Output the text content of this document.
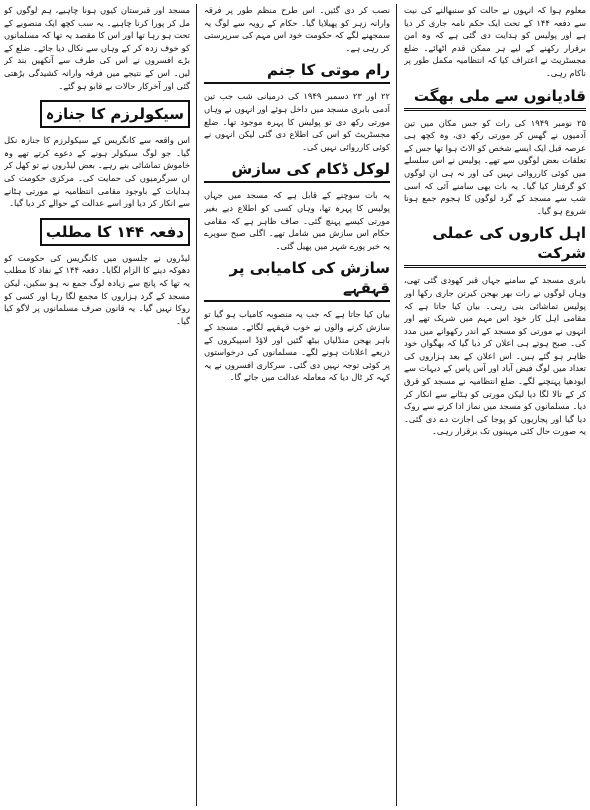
معلوم ہوا کہ انہوں نے حالت کو سنبھالنے کی نیت سے دفعہ ۱۴۴ کے تحت ایک حکم نامہ جاری کر دیا ہے اور پولیس کو ہدایت دی گئی ہے کہ وہ امن برقرار رکھنے کے لیے ہر ممکن قدم اٹھائے۔ ضلع مجسٹریٹ نے اعتراف کیا کہ انتظامیہ مکمل طور پر ناکام رہی۔

قادیانوں سے ملی بھگت

۲۵ نومبر ۱۹۴۹ کی رات کو جس مکان میں تین آدمیوں نے گھس کر مورتی رکھ دی، وہ کچھ ہی عرصہ قبل ایک ایسے شخص کو الاٹ ہوا تھا جس کے تعلقات بعض لوگوں سے تھے۔ پولیس نے اس سلسلے میں کوئی کارروائی نہیں کی اور نہ ہی ان لوگوں کو گرفتار کیا گیا۔ یہ بات بھی سامنے آئی کہ اسی شب سے مسجد کے گرد لوگوں کا ہجوم جمع ہونا شروع ہو گیا۔

اہل کاروں کی عملی شرکت

بابری مسجد کے سامنے جہاں قبر کھودی گئی تھی، وہاں لوگوں نے رات بھر بھجن کیرتن جاری رکھا اور پولیس تماشائی بنی رہی۔ بیان کیا جاتا ہے کہ مقامی اہل کار خود اس مہم میں شریک تھے اور انہوں نے مورتی کو مسجد کے اندر رکھوانے میں مدد کی۔ صبح ہوتے ہی اعلان کر دیا گیا کہ بھگوان خود ظاہر ہو گئے ہیں۔ اس اعلان کے بعد ہزاروں کی تعداد میں لوگ فیض آباد اور آس پاس کے دیہات سے ایودھیا پہنچنے لگے۔ ضلع انتظامیہ نے مسجد کو قرق کر کے تالا لگا دیا لیکن مورتی کو ہٹانے سے انکار کر دیا۔ مسلمانوں کو مسجد میں نماز ادا کرنے سے روک دیا گیا اور پجاریوں کو پوجا کی اجازت دے دی گئی۔ یہ صورت حال کئی مہینوں تک برقرار رہی۔

نصب کر دی گئیں۔ اس طرح منظم طور پر فرقہ وارانہ زہر کو پھیلایا گیا۔ حکام کے رویہ سے لوگ یہ سمجھنے لگے کہ حکومت خود اس مہم کی سرپرستی کر رہی ہے۔

رام موتی کا جنم

۲۲ اور ۲۳ دسمبر ۱۹۴۹ کی درمیانی شب جب تین آدمی بابری مسجد میں داخل ہوئے اور انہوں نے وہاں مورتی رکھ دی تو پولیس کا پہرہ موجود تھا۔ ضلع مجسٹریٹ کو اس کی اطلاع دی گئی لیکن انہوں نے کوئی کارروائی نہیں کی۔

لوکل ڈکام کی سازش

یہ بات سوچنے کے قابل ہے کہ مسجد میں جہاں پولیس کا پہرہ تھا، وہاں کسی کو اطلاع دیے بغیر مورتی کیسے پہنچ گئی۔ صاف ظاہر ہے کہ مقامی حکام اس سازش میں شامل تھے۔ اگلی صبح سویرے یہ خبر پورے شہر میں پھیل گئی۔

سازش کی کامیابی پر قہقہے

بیان کیا جاتا ہے کہ جب یہ منصوبہ کامیاب ہو گیا تو سازش کرنے والوں نے خوب قہقہے لگائے۔ مسجد کے باہر بھجن منڈلیاں بیٹھ گئیں اور لاؤڈ اسپیکروں کے ذریعے اعلانات ہونے لگے۔ مسلمانوں کی درخواستوں پر کوئی توجہ نہیں دی گئی۔ سرکاری افسروں نے یہ کہہ کر ٹال دیا کہ معاملہ عدالت میں جائے گا۔

مسجد اور قبرستان کیوں ہونا چاہیے، ہم لوگوں کو مل کر پورا کرنا چاہیے۔ یہ سب کچھ ایک منصوبے کے تحت ہو رہا تھا اور اس کا مقصد یہ تھا کہ مسلمانوں کو خوف زدہ کر کے وہاں سے نکال دیا جائے۔ ضلع کے بڑے افسروں نے اس کی طرف سے آنکھیں بند کر لیں۔ اس کے نتیجے میں فرقہ وارانہ کشیدگی بڑھتی گئی اور آخرکار حالات بے قابو ہو گئے۔

سیکولرزم کا جنازہ

اس واقعہ سے کانگریس کے سیکولرزم کا جنازہ نکل گیا۔ جو لوگ سیکولر ہونے کے دعوے کرتے تھے وہ خاموش تماشائی بنے رہے۔ بعض لیڈروں نے تو کھل کر ان سرگرمیوں کی حمایت کی۔ مرکزی حکومت کی ہدایات کے باوجود مقامی انتظامیہ نے مورتی ہٹانے سے انکار کر دیا اور اسے عدالت کے حوالے کر دیا گیا۔

دفعہ ۱۴۴ کا مطلب

لیڈروں نے جلسوں میں کانگریس کی حکومت کو دھوکہ دینے کا الزام لگایا۔ دفعہ ۱۴۴ کے نفاذ کا مطلب یہ تھا کہ پانچ سے زیادہ لوگ جمع نہ ہو سکیں، لیکن مسجد کے گرد ہزاروں کا مجمع لگا رہا اور کسی کو روکا نہیں گیا۔ یہ قانون صرف مسلمانوں پر لاگو کیا گیا۔
